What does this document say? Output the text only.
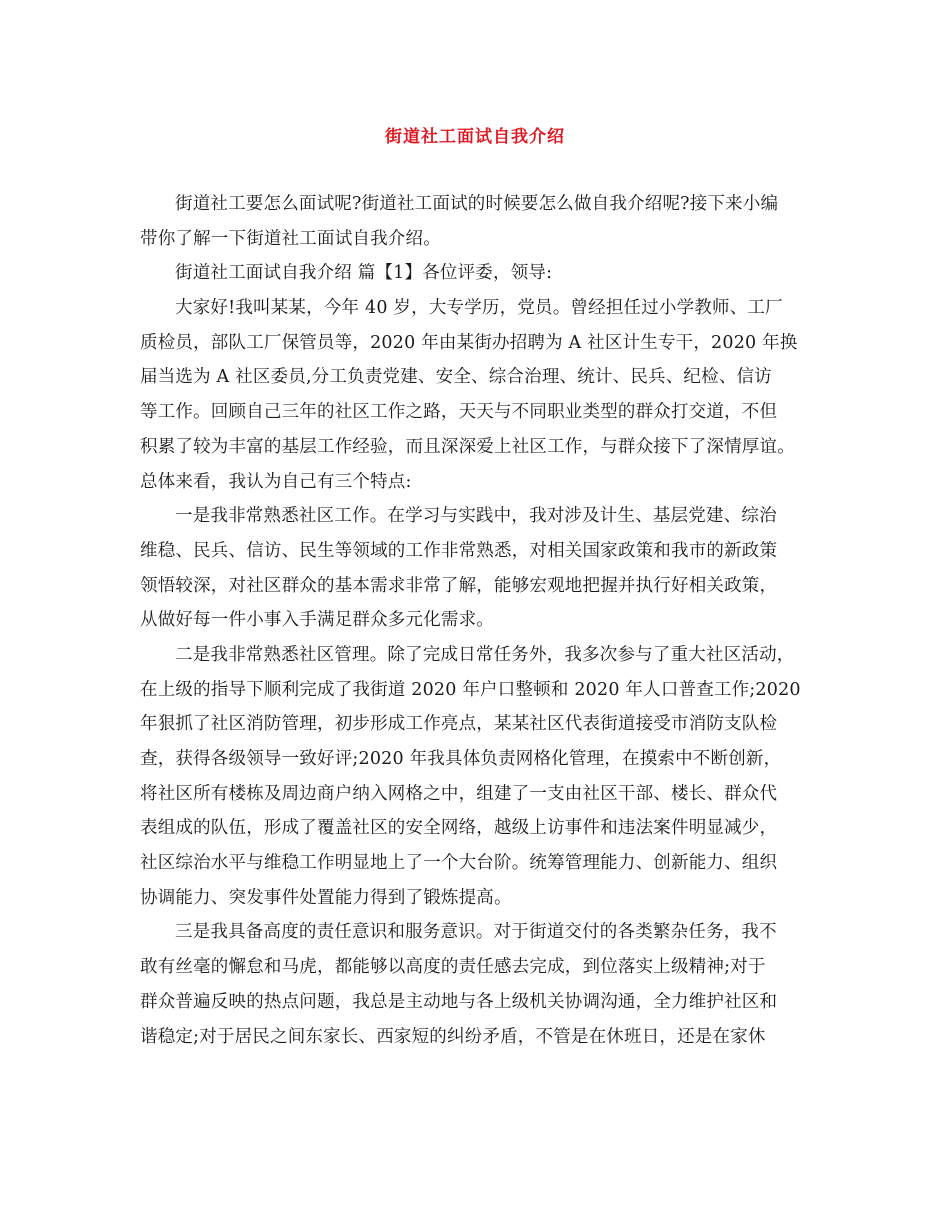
街道社工面试自我介绍
街道社工要怎么面试呢?街道社工面试的时候要怎么做自我介绍呢?接下来小编
带你了解一下街道社工面试自我介绍。
街道社工面试自我介绍 篇【1】各位评委，领导:
大家好!我叫某某，今年 40 岁，大专学历，党员。曾经担任过小学教师、工厂
质检员，部队工厂保管员等，2020 年由某街办招聘为 A 社区计生专干，2020 年换
届当选为 A 社区委员,分工负责党建、安全、综合治理、统计、民兵、纪检、信访
等工作。回顾自己三年的社区工作之路，天天与不同职业类型的群众打交道，不但
积累了较为丰富的基层工作经验，而且深深爱上社区工作，与群众接下了深情厚谊。
总体来看，我认为自己有三个特点:
一是我非常熟悉社区工作。在学习与实践中，我对涉及计生、基层党建、综治
维稳、民兵、信访、民生等领域的工作非常熟悉，对相关国家政策和我市的新政策
领悟较深，对社区群众的基本需求非常了解，能够宏观地把握并执行好相关政策，
从做好每一件小事入手满足群众多元化需求。
二是我非常熟悉社区管理。除了完成日常任务外，我多次参与了重大社区活动，
在上级的指导下顺利完成了我街道 2020 年户口整顿和 2020 年人口普查工作;2020
年狠抓了社区消防管理，初步形成工作亮点，某某社区代表街道接受市消防支队检
查，获得各级领导一致好评;2020 年我具体负责网格化管理，在摸索中不断创新，
将社区所有楼栋及周边商户纳入网格之中，组建了一支由社区干部、楼长、群众代
表组成的队伍，形成了覆盖社区的安全网络，越级上访事件和违法案件明显减少，
社区综治水平与维稳工作明显地上了一个大台阶。统筹管理能力、创新能力、组织
协调能力、突发事件处置能力得到了锻炼提高。
三是我具备高度的责任意识和服务意识。对于街道交付的各类繁杂任务，我不
敢有丝毫的懈怠和马虎，都能够以高度的责任感去完成，到位落实上级精神;对于
群众普遍反映的热点问题，我总是主动地与各上级机关协调沟通，全力维护社区和
谐稳定;对于居民之间东家长、西家短的纠纷矛盾，不管是在休班日，还是在家休
